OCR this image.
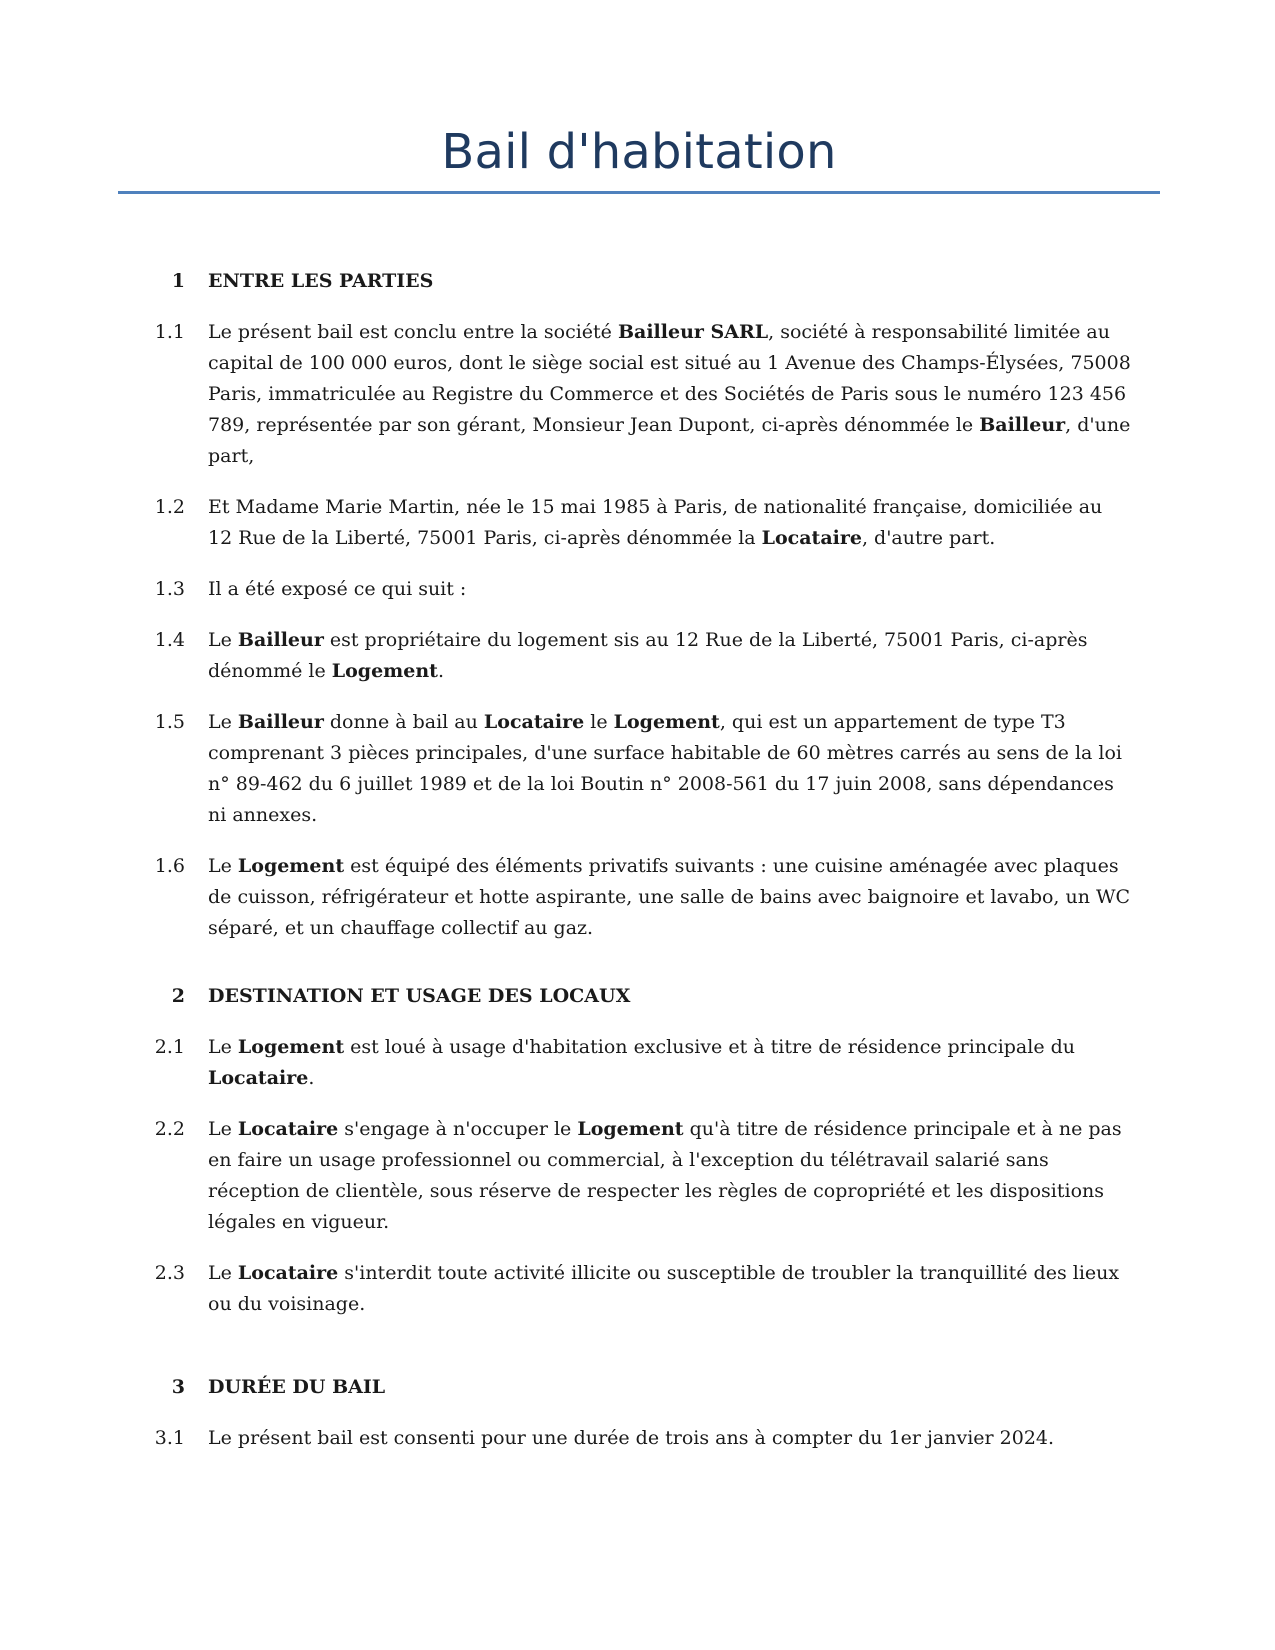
Bail d'habitation
1 ENTRE LES PARTIES
1.1 Le présent bail est conclu entre la société Bailleur SARL, société à responsabilité limitée au capital de 100 000 euros, dont le siège social est situé au 1 Avenue des Champs-Élysées, 75008 Paris, immatriculée au Registre du Commerce et des Sociétés de Paris sous le numéro 123 456 789, représentée par son gérant, Monsieur Jean Dupont, ci-après dénommée le Bailleur, d'une part,
1.2 Et Madame Marie Martin, née le 15 mai 1985 à Paris, de nationalité française, domiciliée au 12 Rue de la Liberté, 75001 Paris, ci-après dénommée la Locataire, d'autre part.
1.3 Il a été exposé ce qui suit :
1.4 Le Bailleur est propriétaire du logement sis au 12 Rue de la Liberté, 75001 Paris, ci-après dénommé le Logement.
1.5 Le Bailleur donne à bail au Locataire le Logement, qui est un appartement de type T3 comprenant 3 pièces principales, d'une surface habitable de 60 mètres carrés au sens de la loi n° 89-462 du 6 juillet 1989 et de la loi Boutin n° 2008-561 du 17 juin 2008, sans dépendances ni annexes.
1.6 Le Logement est équipé des éléments privatifs suivants : une cuisine aménagée avec plaques de cuisson, réfrigérateur et hotte aspirante, une salle de bains avec baignoire et lavabo, un WC séparé, et un chauffage collectif au gaz.
2 DESTINATION ET USAGE DES LOCAUX
2.1 Le Logement est loué à usage d'habitation exclusive et à titre de résidence principale du Locataire.
2.2 Le Locataire s'engage à n'occuper le Logement qu'à titre de résidence principale et à ne pas en faire un usage professionnel ou commercial, à l'exception du télétravail salarié sans réception de clientèle, sous réserve de respecter les règles de copropriété et les dispositions légales en vigueur.
2.3 Le Locataire s'interdit toute activité illicite ou susceptible de troubler la tranquillité des lieux ou du voisinage.
3 DURÉE DU BAIL
3.1 Le présent bail est consenti pour une durée de trois ans à compter du 1er janvier 2024.
